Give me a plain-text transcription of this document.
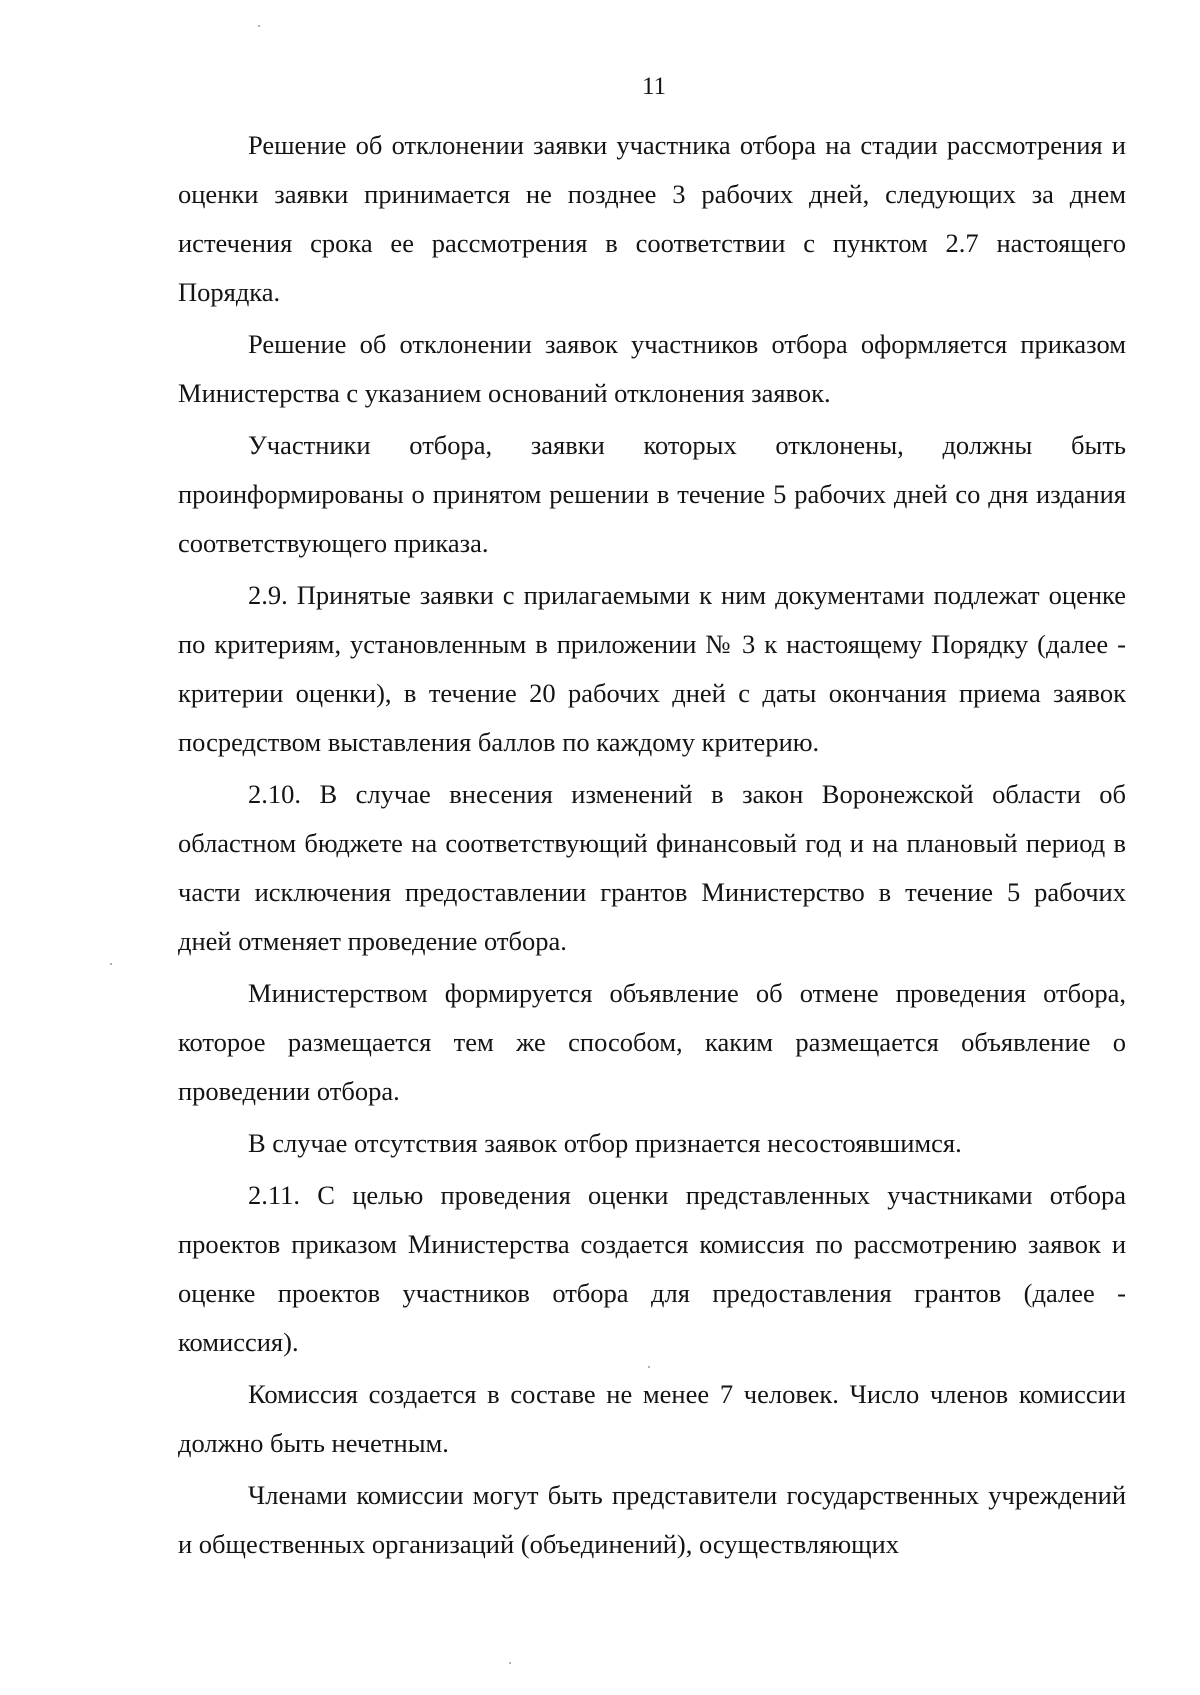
11

Решение об отклонении заявки участника отбора на стадии рассмотрения и оценки заявки принимается не позднее 3 рабочих дней, следующих за днем истечения срока ее рассмотрения в соответствии с пунктом 2.7 настоящего Порядка.

Решение об отклонении заявок участников отбора оформляется приказом Министерства с указанием оснований отклонения заявок.

Участники отбора, заявки которых отклонены, должны быть проинформированы о принятом решении в течение 5 рабочих дней со дня издания соответствующего приказа.

2.9. Принятые заявки с прилагаемыми к ним документами подлежат оценке по критериям, установленным в приложении № 3 к настоящему Порядку (далее - критерии оценки), в течение 20 рабочих дней с даты окончания приема заявок посредством выставления баллов по каждому критерию.

2.10. В случае внесения изменений в закон Воронежской области об областном бюджете на соответствующий финансовый год и на плановый период в части исключения предоставлении грантов Министерство в течение 5 рабочих дней отменяет проведение отбора.

Министерством формируется объявление об отмене проведения отбора, которое размещается тем же способом, каким размещается объявление о проведении отбора.

В случае отсутствия заявок отбор признается несостоявшимся.

2.11. С целью проведения оценки представленных участниками отбора проектов приказом Министерства создается комиссия по рассмотрению заявок и оценке проектов участников отбора для предоставления грантов (далее - комиссия).

Комиссия создается в составе не менее 7 человек. Число членов комиссии должно быть нечетным.

Членами комиссии могут быть представители государственных учреждений и общественных организаций (объединений), осуществляющих
